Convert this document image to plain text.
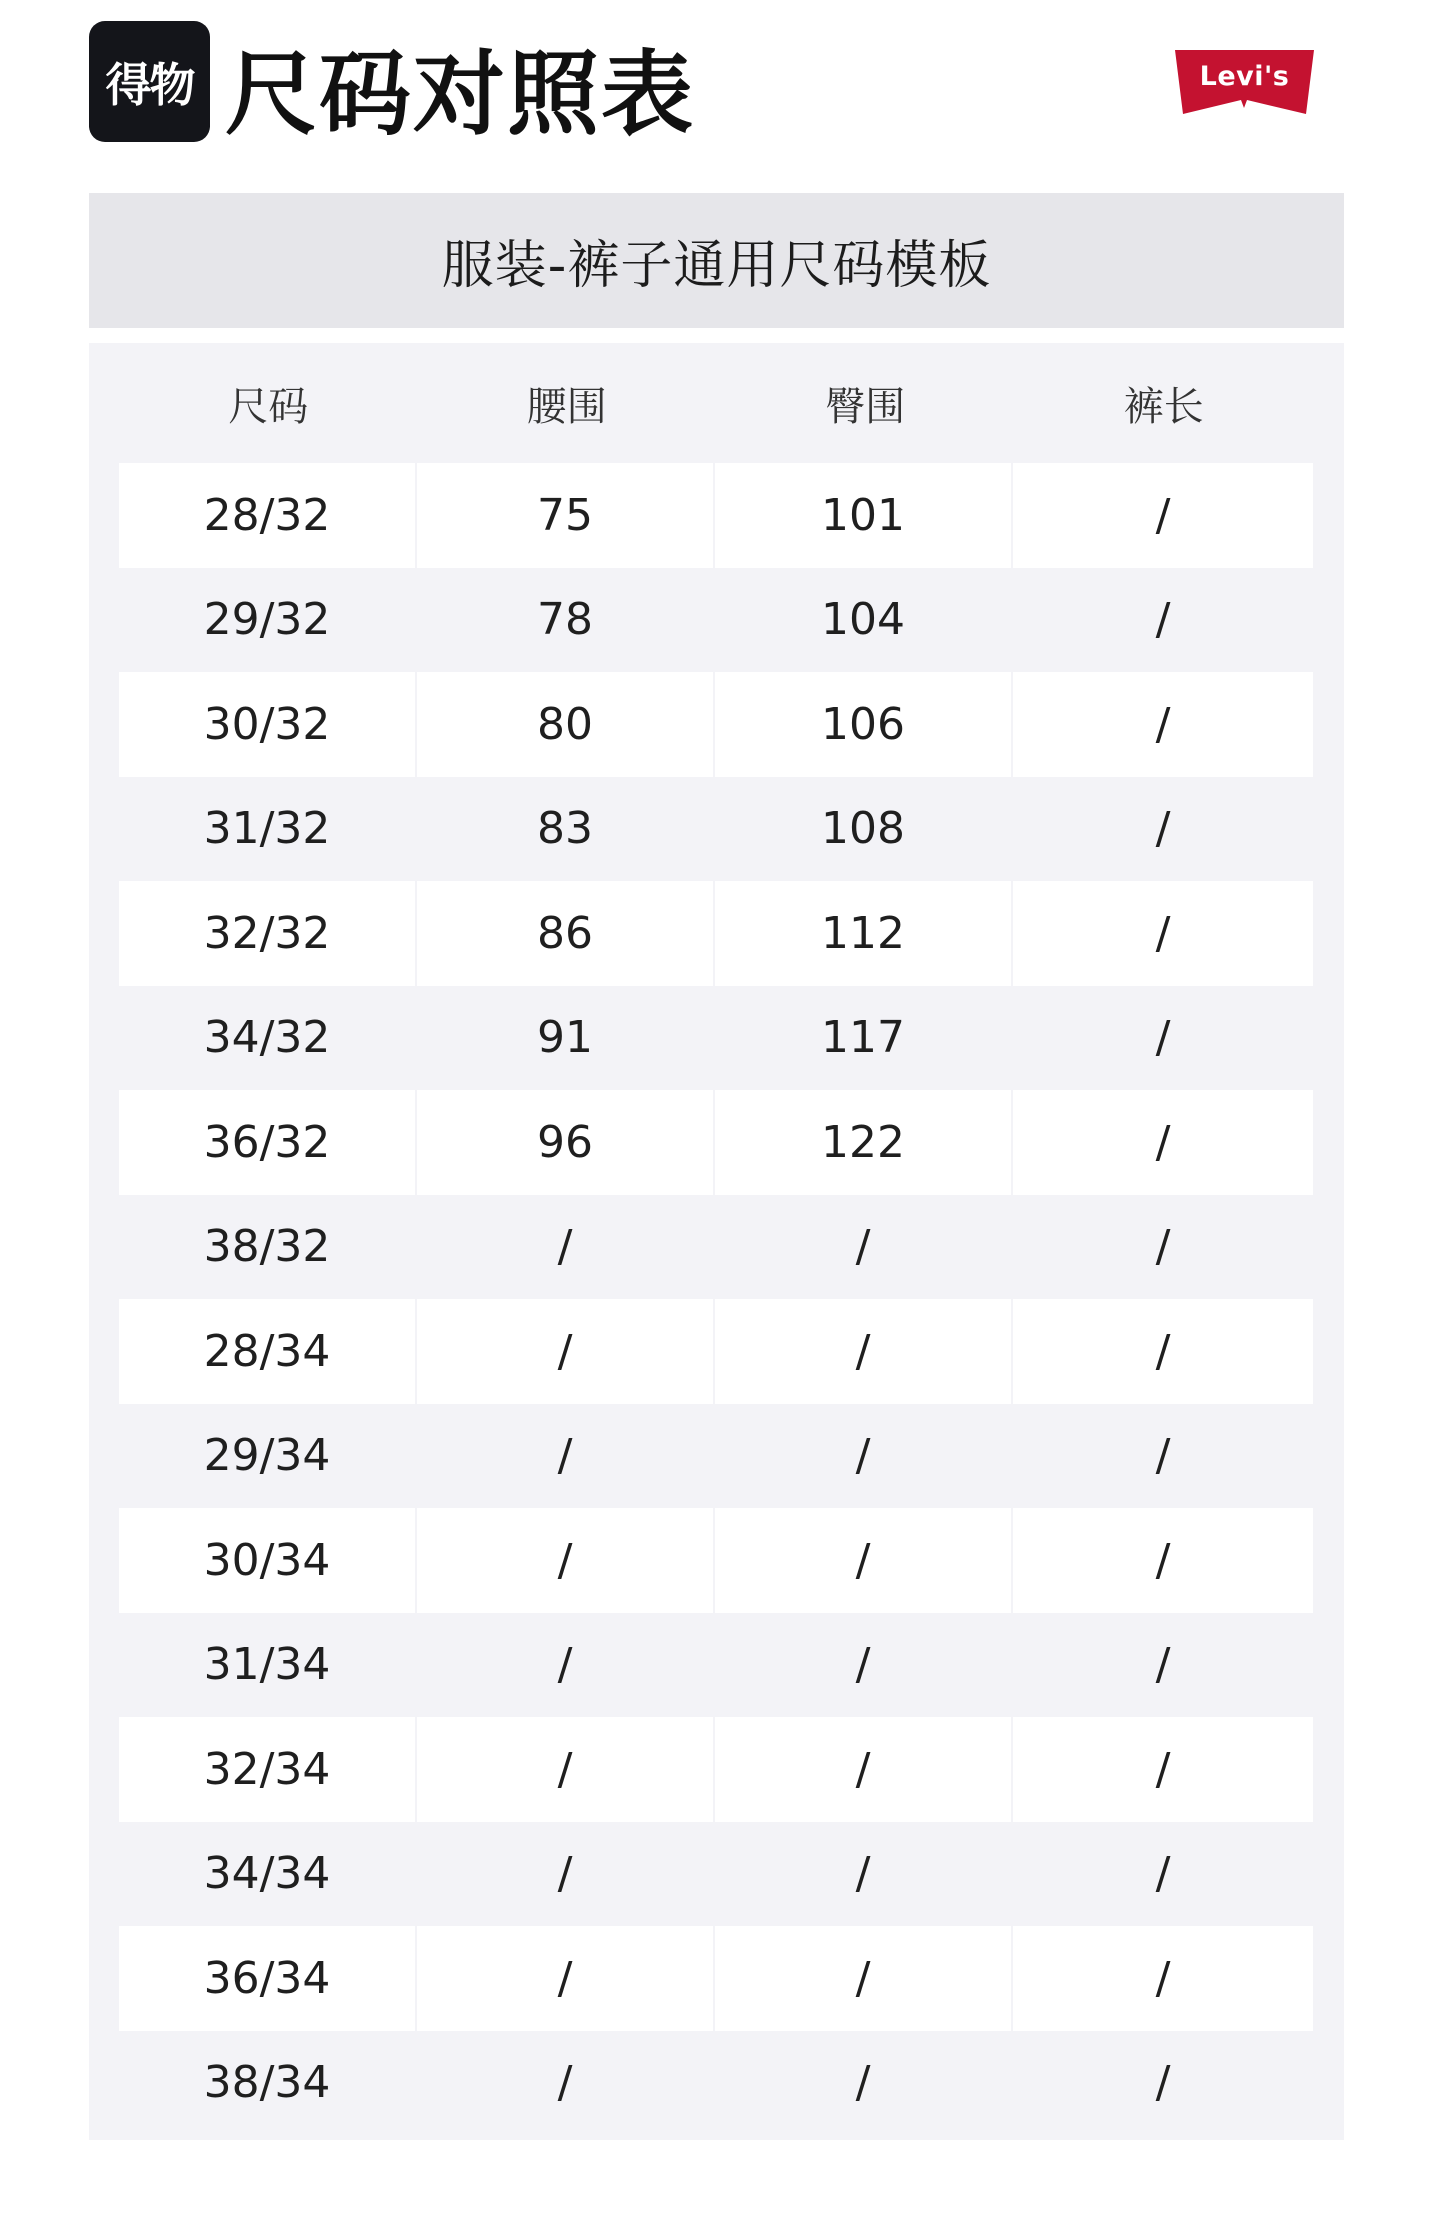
得物 尺码对照表	Levi's
服装-裤子通用尺码模板
尺码	腰围	臀围	裤长
28/32	75	101	/
29/32	78	104	/
30/32	80	106	/
31/32	83	108	/
32/32	86	112	/
34/32	91	117	/
36/32	96	122	/
38/32	/	/	/
28/34	/	/	/
29/34	/	/	/
30/34	/	/	/
31/34	/	/	/
32/34	/	/	/
34/34	/	/	/
36/34	/	/	/
38/34	/	/	/
